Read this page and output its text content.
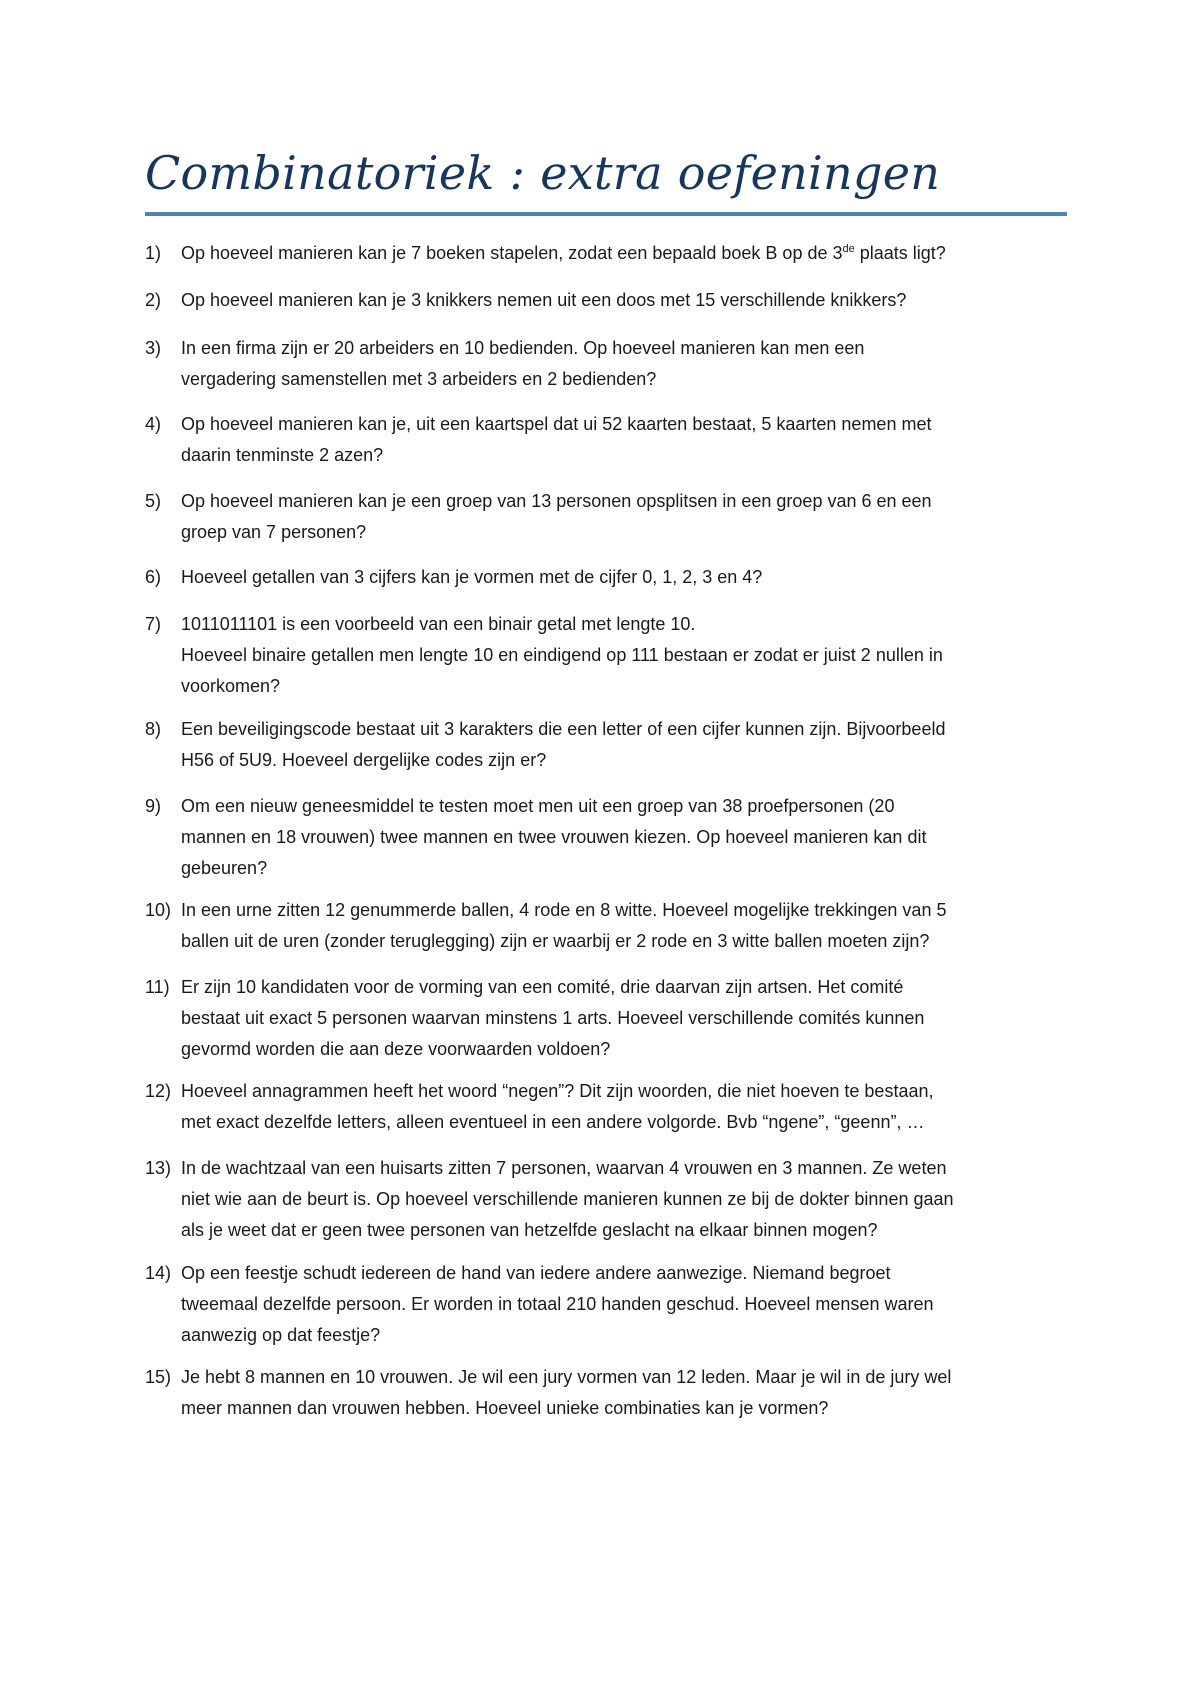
Combinatoriek : extra oefeningen
1)	Op hoeveel manieren kan je 7 boeken stapelen, zodat een bepaald boek B op de 3de plaats ligt?
2)	Op hoeveel manieren kan je 3 knikkers nemen uit een doos met 15 verschillende knikkers?
3)	In een firma zijn er 20 arbeiders en 10 bedienden. Op hoeveel manieren kan men een
vergadering samenstellen met 3 arbeiders en 2 bedienden?
4)	Op hoeveel manieren kan je, uit een kaartspel dat ui 52 kaarten bestaat, 5 kaarten nemen met
daarin tenminste 2 azen?
5)	Op hoeveel manieren kan je een groep van 13 personen opsplitsen in een groep van 6 en een
groep van 7 personen?
6)	Hoeveel getallen van 3 cijfers kan je vormen met de cijfer 0, 1, 2, 3 en 4?
7)	1011011101 is een voorbeeld van een binair getal met lengte 10.
Hoeveel binaire getallen men lengte 10 en eindigend op 111 bestaan er zodat er juist 2 nullen in
voorkomen?
8)	Een beveiligingscode bestaat uit 3 karakters die een letter of een cijfer kunnen zijn. Bijvoorbeeld
H56 of 5U9. Hoeveel dergelijke codes zijn er?
9)	Om een nieuw geneesmiddel te testen moet men uit een groep van 38 proefpersonen (20
mannen en 18 vrouwen) twee mannen en twee vrouwen kiezen. Op hoeveel manieren kan dit
gebeuren?
10) In een urne zitten 12 genummerde ballen, 4 rode en 8 witte. Hoeveel mogelijke trekkingen van 5
ballen uit de uren (zonder teruglegging) zijn er waarbij er 2 rode en 3 witte ballen moeten zijn?
11) Er zijn 10 kandidaten voor de vorming van een comité, drie daarvan zijn artsen. Het comité
bestaat uit exact 5 personen waarvan minstens 1 arts. Hoeveel verschillende comités kunnen
gevormd worden die aan deze voorwaarden voldoen?
12) Hoeveel annagrammen heeft het woord “negen”? Dit zijn woorden, die niet hoeven te bestaan,
met exact dezelfde letters, alleen eventueel in een andere volgorde. Bvb “ngene”, “geenn”, …
13) In de wachtzaal van een huisarts zitten 7 personen, waarvan 4 vrouwen en 3 mannen. Ze weten
niet wie aan de beurt is. Op hoeveel verschillende manieren kunnen ze bij de dokter binnen gaan
als je weet dat er geen twee personen van hetzelfde geslacht na elkaar binnen mogen?
14) Op een feestje schudt iedereen de hand van iedere andere aanwezige. Niemand begroet
tweemaal dezelfde persoon. Er worden in totaal 210 handen geschud. Hoeveel mensen waren
aanwezig op dat feestje?
15) Je hebt 8 mannen en 10 vrouwen. Je wil een jury vormen van 12 leden. Maar je wil in de jury wel
meer mannen dan vrouwen hebben. Hoeveel unieke combinaties kan je vormen?
